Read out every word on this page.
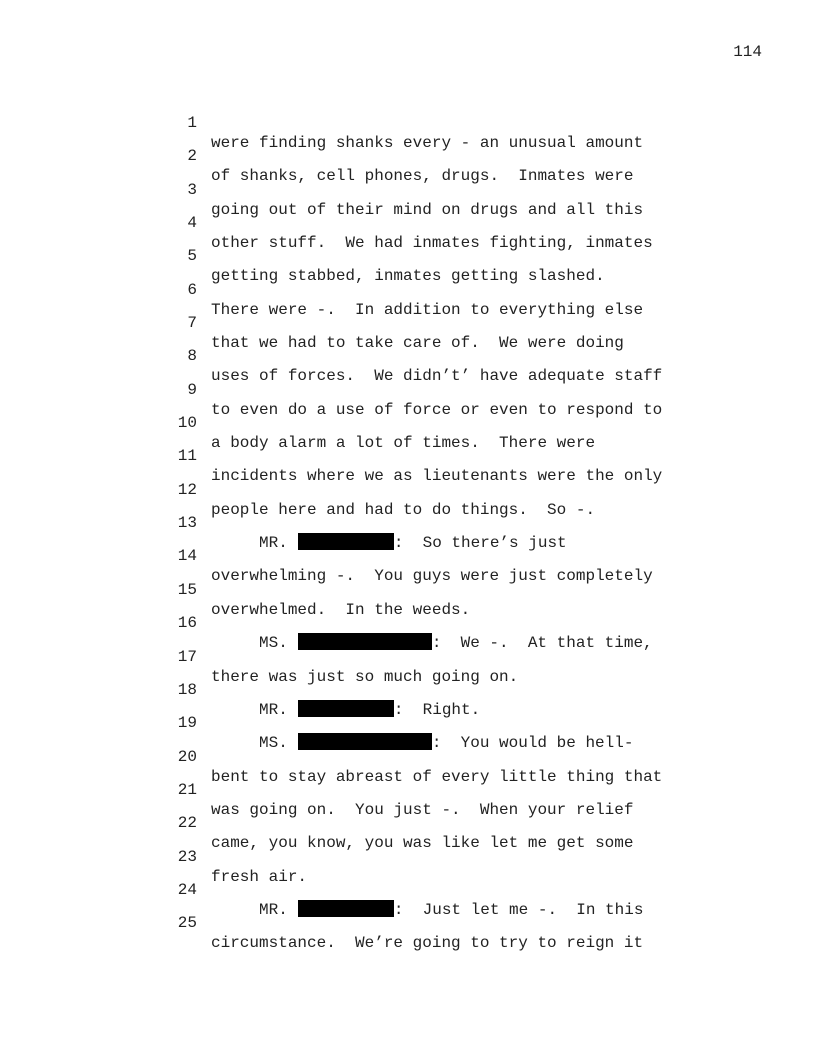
114

1

were finding shanks every - an unusual amount

2

of shanks, cell phones, drugs.  Inmates were

3

going out of their mind on drugs and all this

4

other stuff.  We had inmates fighting, inmates

5

getting stabbed, inmates getting slashed.

6

There were -.  In addition to everything else

7

that we had to take care of.  We were doing

8

uses of forces.  We didn’t’ have adequate staff

9

to even do a use of force or even to respond to

10

a body alarm a lot of times.  There were

11

incidents where we as lieutenants were the only

12

people here and had to do things.  So -.

13

MR.	:  So there’s just

14

overwhelming -.  You guys were just completely

15

overwhelmed.  In the weeds.

16

MS.	:  We -.  At that time,

17

there was just so much going on.

18

MR.	:  Right.

19

MS.	:  You would be hell-

20

bent to stay abreast of every little thing that

21

was going on.  You just -.  When your relief

22

came, you know, you was like let me get some

23

fresh air.

24

MR.	:  Just let me -.  In this

25

circumstance.  We’re going to try to reign it
